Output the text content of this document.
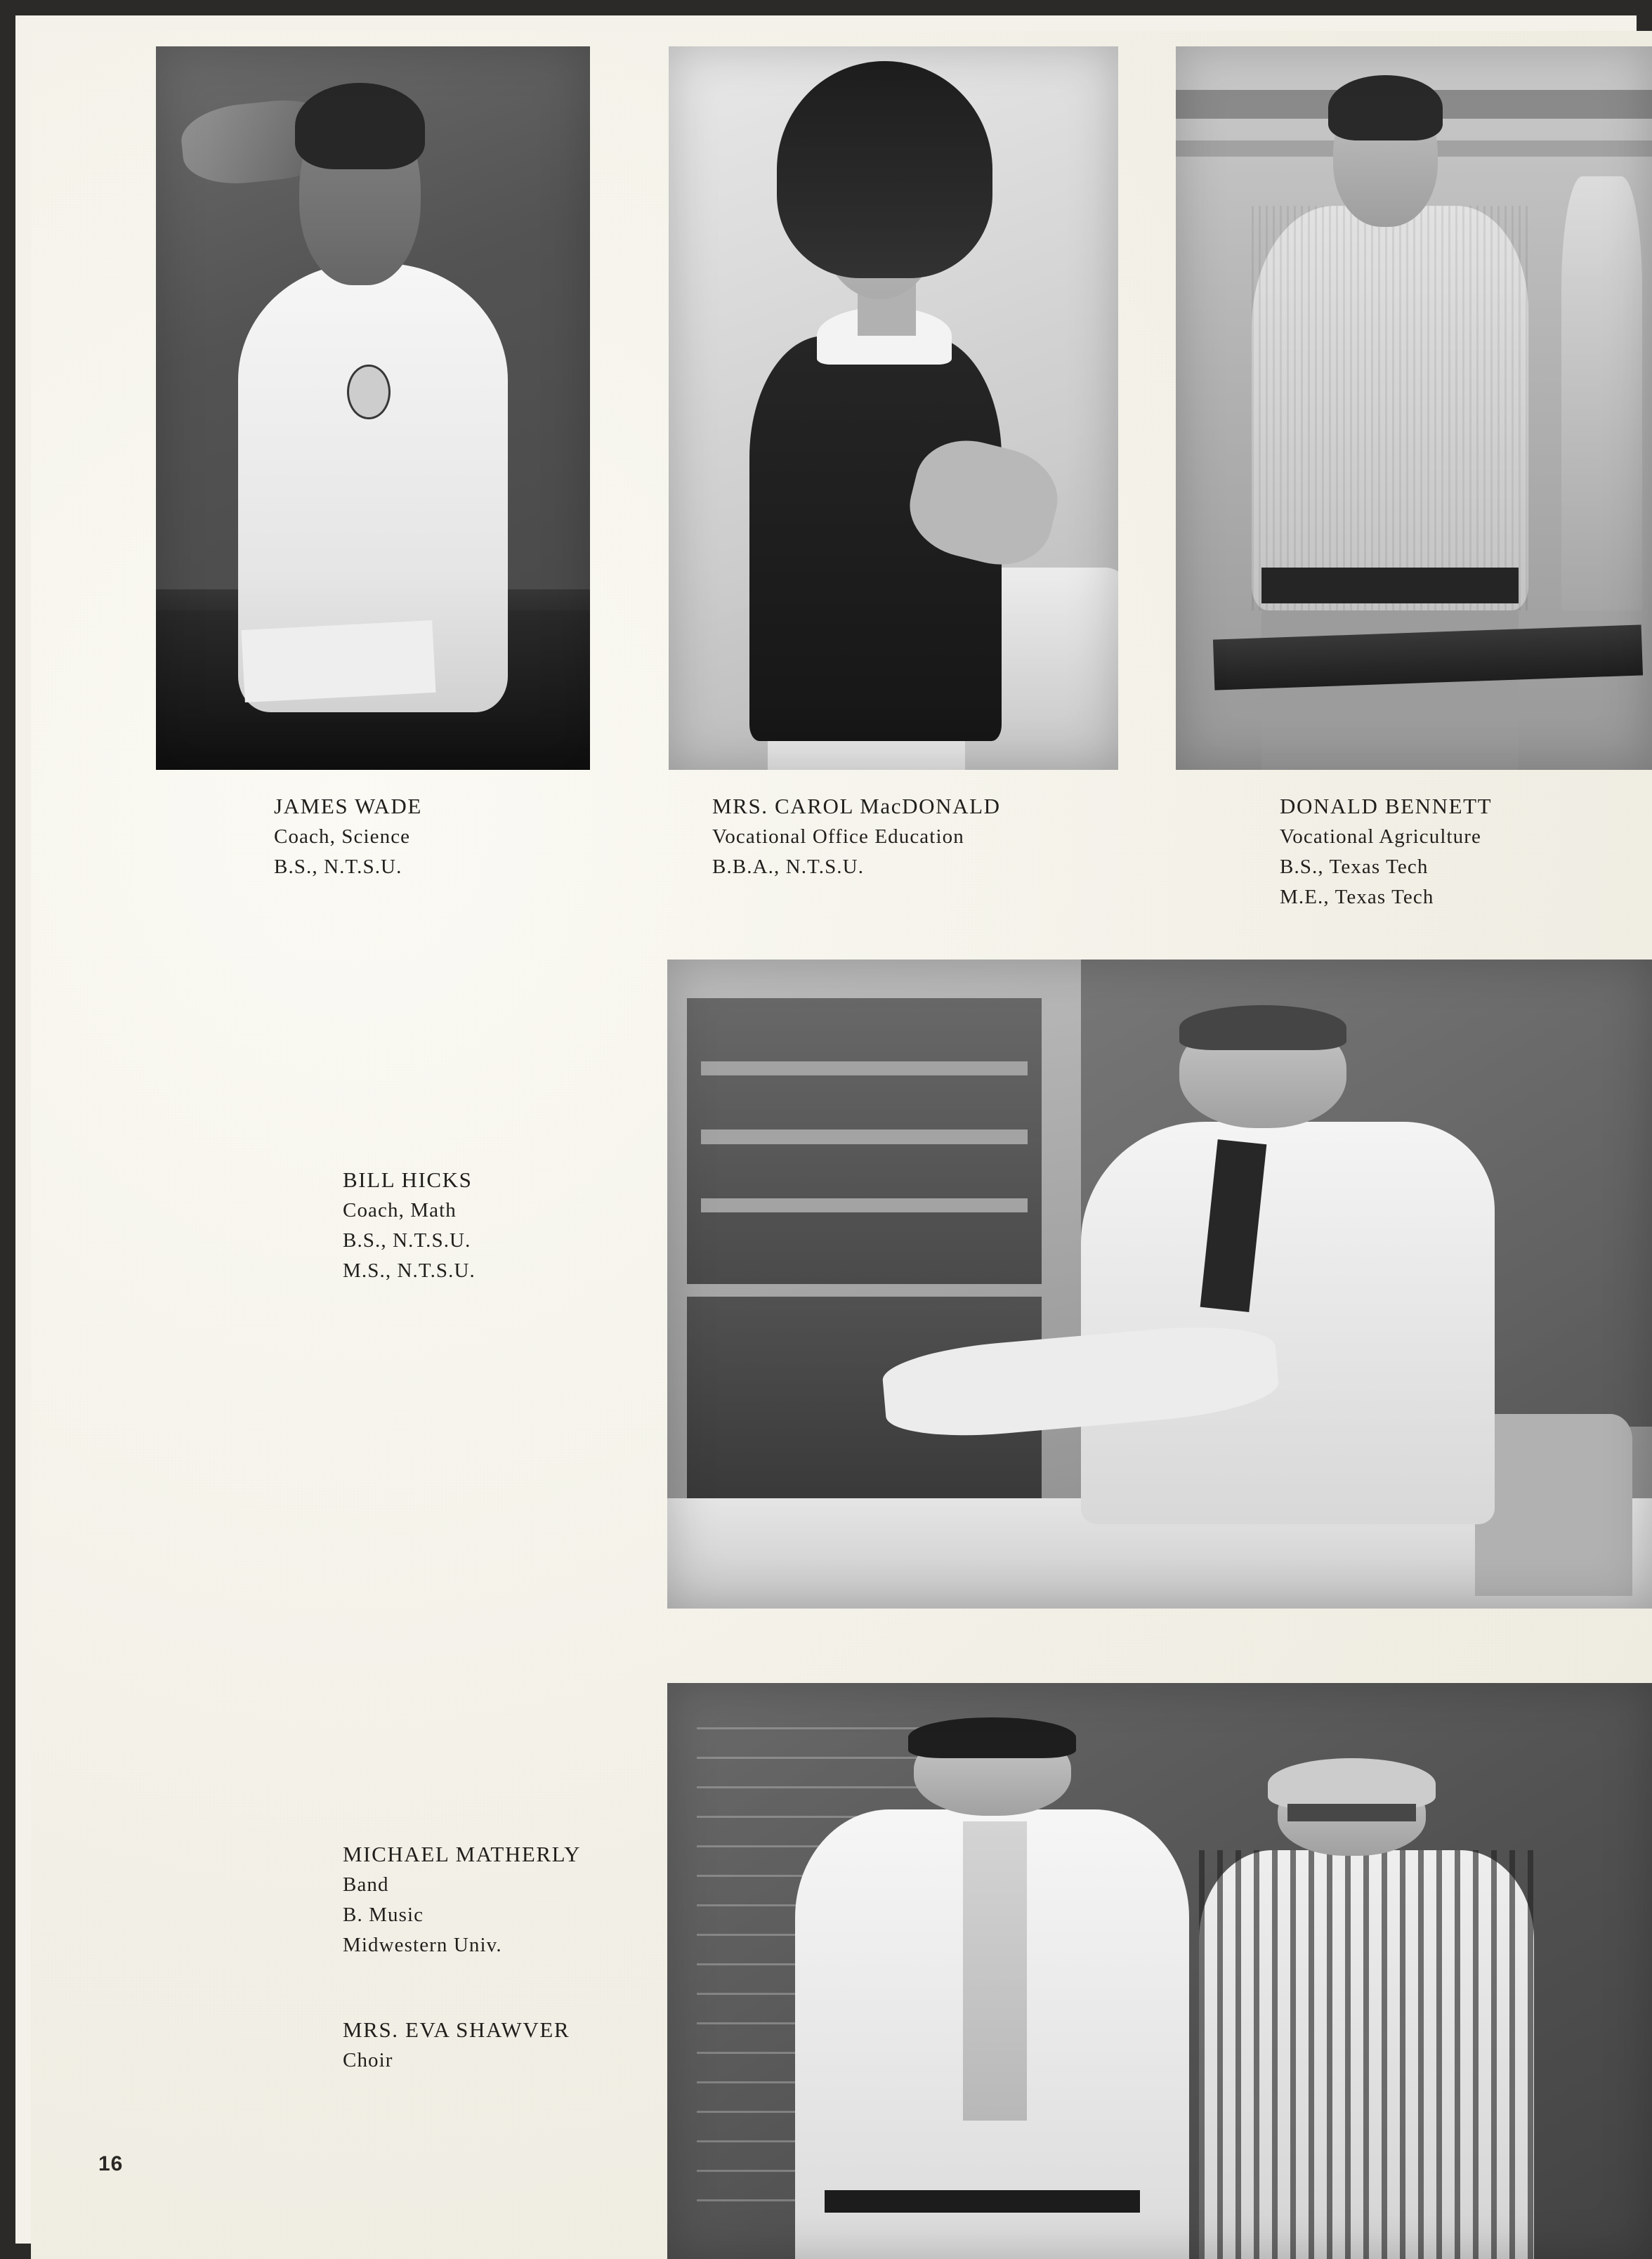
JAMES WADE
Coach, Science
B.S., N.T.S.U.
MRS. CAROL MacDONALD
Vocational Office Education
B.B.A., N.T.S.U.
DONALD BENNETT
Vocational Agriculture
B.S., Texas Tech
M.E., Texas Tech
BILL HICKS
Coach, Math
B.S., N.T.S.U.
M.S., N.T.S.U.
MICHAEL MATHERLY
Band
B. Music
Midwestern Univ.
MRS. EVA SHAWVER
Choir
16
